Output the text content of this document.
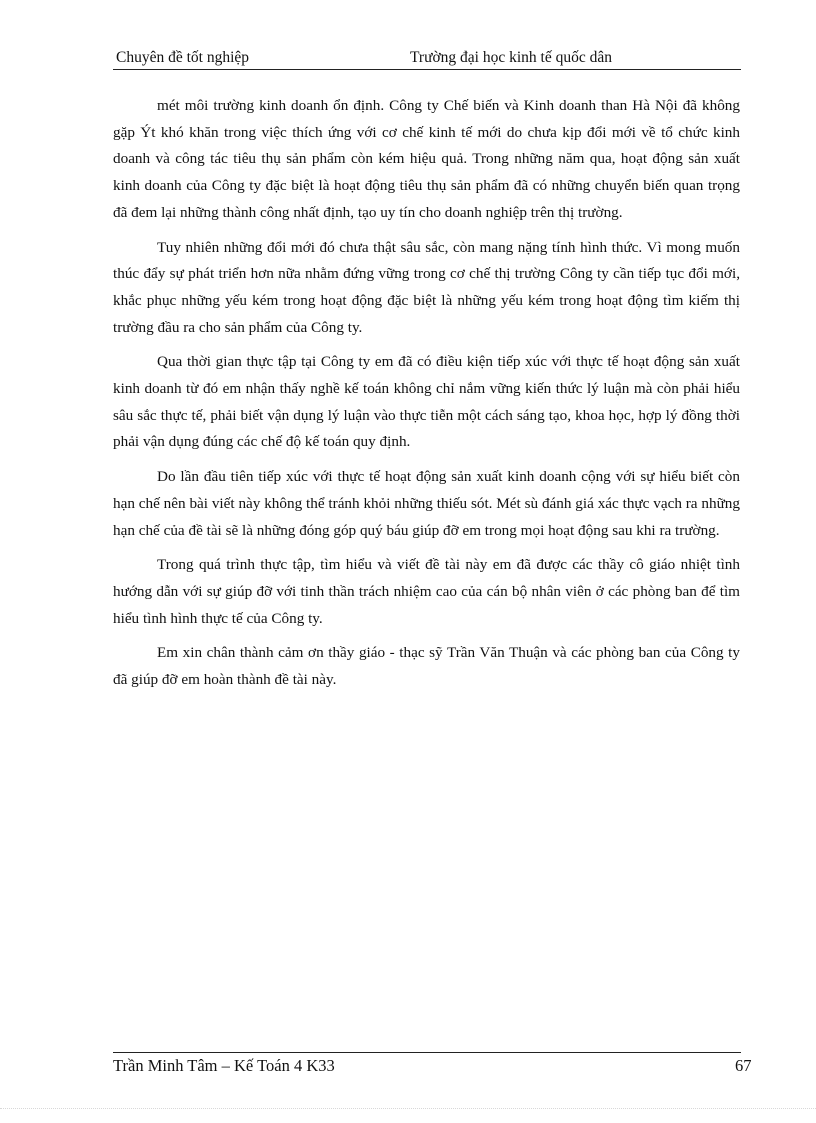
Chuyên đề tốt nghiệp	Trường đại học kinh tế quốc dân

mét môi trường kinh doanh ổn định. Công ty Chế biến và Kinh doanh than Hà Nội đã không gặp Ýt khó khăn trong việc thích ứng với cơ chế kinh tế mới do chưa kịp đổi mới về tổ chức kinh doanh và công tác tiêu thụ sản phẩm còn kém hiệu quả. Trong những năm qua, hoạt động sản xuất kinh doanh của Công ty đặc biệt là hoạt động tiêu thụ sản phẩm đã có những chuyển biến quan trọng đã đem lại những thành công nhất định, tạo uy tín cho doanh nghiệp trên thị trường.

Tuy nhiên những đổi mới đó chưa thật sâu sắc, còn mang nặng tính hình thức. Vì mong muốn thúc đẩy sự phát triển hơn nữa nhằm đứng vững trong cơ chế thị trường Công ty cần tiếp tục đổi mới, khắc phục những yếu kém trong hoạt động đặc biệt là những yếu kém trong hoạt động tìm kiếm thị trường đầu ra cho sản phẩm của Công ty.

Qua thời gian thực tập tại Công ty em đã có điều kiện tiếp xúc với thực tế hoạt động sản xuất kinh doanh từ đó em nhận thấy nghề kế toán không chỉ nắm vững kiến thức lý luận mà còn phải hiểu sâu sắc thực tế, phải biết vận dụng lý luận vào thực tiễn một cách sáng tạo, khoa học, hợp lý đồng thời phải vận dụng đúng các chế độ kế toán quy định.

Do lần đầu tiên tiếp xúc với thực tế hoạt động sản xuất kinh doanh cộng với sự hiểu biết còn hạn chế nên bài viết này không thể tránh khỏi những thiếu sót. Mét sù đánh giá xác thực vạch ra những hạn chế của đề tài sẽ là những đóng góp quý báu giúp đỡ em trong mọi hoạt động sau khi ra trường.

Trong quá trình thực tập, tìm hiểu và viết đề tài này em đã được các thầy cô giáo nhiệt tình hướng dẫn với sự giúp đỡ với tinh thần trách nhiệm cao của cán bộ nhân viên ở các phòng ban để tìm hiểu tình hình thực tế của Công ty.

Em xin chân thành cảm ơn thầy giáo - thạc sỹ Trần Văn Thuận và các phòng ban của Công ty đã giúp đỡ em hoàn thành đề tài này.

Trần Minh Tâm – Kế Toán 4 K33	67
